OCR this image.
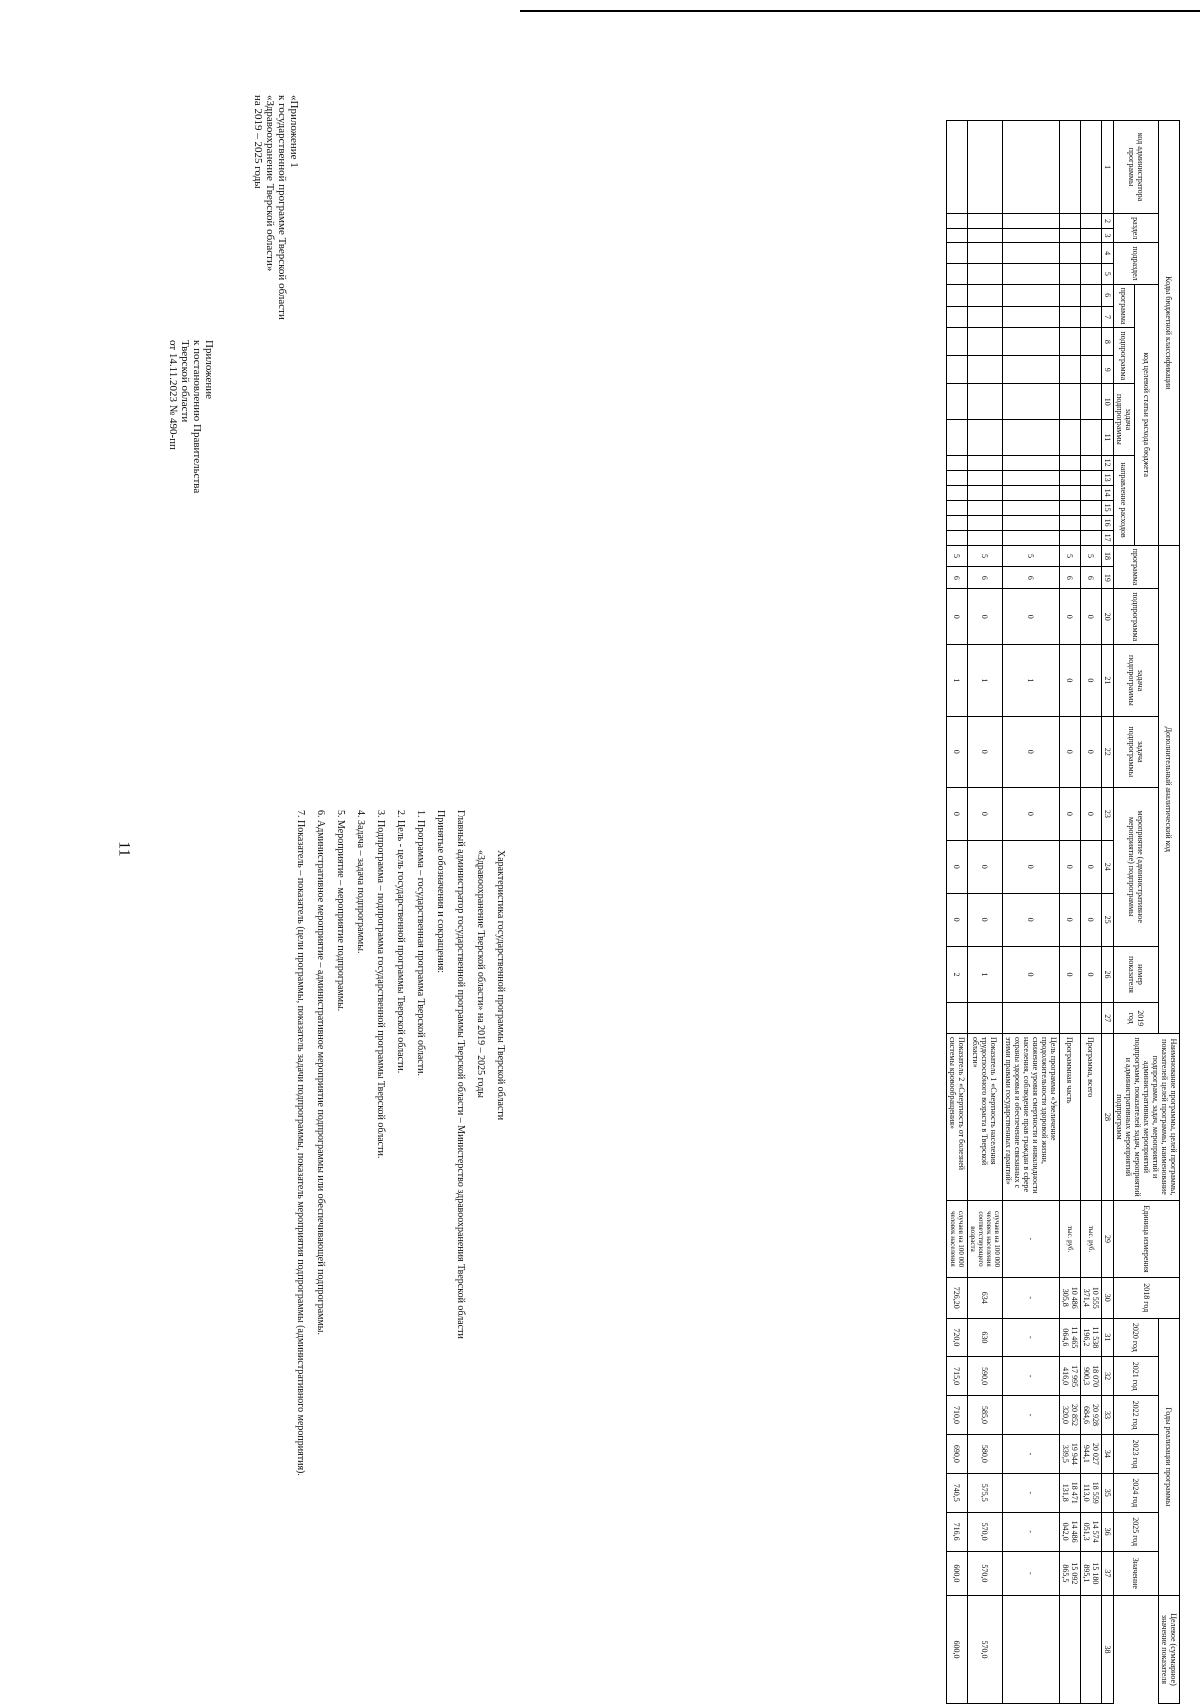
11
Приложение
к постановлению Правительства
Тверской области
от 14.11.2023 № 490-пп
«Приложение 1
к государственной программе Тверской области
«Здравоохранение Тверской области»
на 2019 – 2025 годы

Характеристика государственной программы Тверской области

«Здравоохранение Тверской области» на 2019 – 2025 годы

Главный администратор государственной программы Тверской области – Министерство здравоохранения Тверской области

Принятые обозначения и сокращения:

1. Программа – государственная программа Тверской области.

2. Цель - цель государственной программы Тверской области.

3. Подпрограмма – подпрограмма государственной программы Тверской области.

4. Задача – задача подпрограммы.

5. Мероприятие – мероприятие подпрограммы.

6. Административное мероприятие – административное мероприятие подпрограммы или обеспечивающей подпрограммы.

7. Показатель – показатель (цели программы, показатель задачи подпрограммы, показатель мероприятия подпрограммы (административного мероприятия).

Коды бюджетной классификации																	Дополнительный аналитический код										Наименование программы, целей программы, показателей целей программы, наименование подпрограмм, задач, мероприятий и административных мероприятий подпрограмм, показателей задач, мероприятий и административных мероприятий подпрограмм	Единица измерения	2018 год	Годы реализации программы							Целевое (суммарное) значение показателя
код администратора программы	раздел		подраздел		код целевой статьи расхода бюджета												программа		подпрограмма	задача подпрограммы	задача подпрограммы	мероприятие (административное мероприятие) подпрограммы			номер показателя	2019 год				2020 год	2021 год	2022 год	2023 год	2024 год	2025 год	Значение	
					программа		подпрограмма		задача подпрограммы		направление расходов																										
1	2	3	4	5	6	7	8	9	10	11	12	13	14	15	16	17	18	19	20	21	22	23	24	25	26	27	28	29	30	31	32	33	34	35	36	37	38
																	5	6	0	0	0	0	0	0	0		Программа, всего	тыс. руб.	10 555 371,4	11 538 196,2	18 070 900,3	20 928 684,6	20 027 944,1	18 559 113,0	14 574 051,3	15 180 895,1	
																	5	6	0	0	0	0	0	0	0		Программная часть	тыс. руб.	10 486 305,8	11 465 064,6	17 995 416,0	20 852 320,0	19 944 339,5	18 471 131,8	14 486 042,0	15 092 865,5	
																	5	6	0	1	0	0	0	0	0		Цель программы «Увеличение продолжительности здоровой жизни, снижение уровня смертности и инвалидности населения, соблюдение прав граждан в сфере охраны здоровья и обеспечение связанных с этими правами государственных гарантий»	-	-	-	-	-	-	-	-	-	
																	5	6	0	1	0	0	0	0	1		Показатель 1 «Смертность населения трудоспособного возраста в Тверской области»	случаев на 100 000 человек населения соответствующего возраста	634	630	590,0	585,0	580,0	575,5	570,0	570,0	570,0
																	5	6	0	1	0	0	0	0	2		Показатель 2 «Смертность от болезней системы кровообращения»	случаев на 100 000 человек населения	726,20	720,0	715,0	710,0	690,0	740,5	716,6	600,0	600,0
